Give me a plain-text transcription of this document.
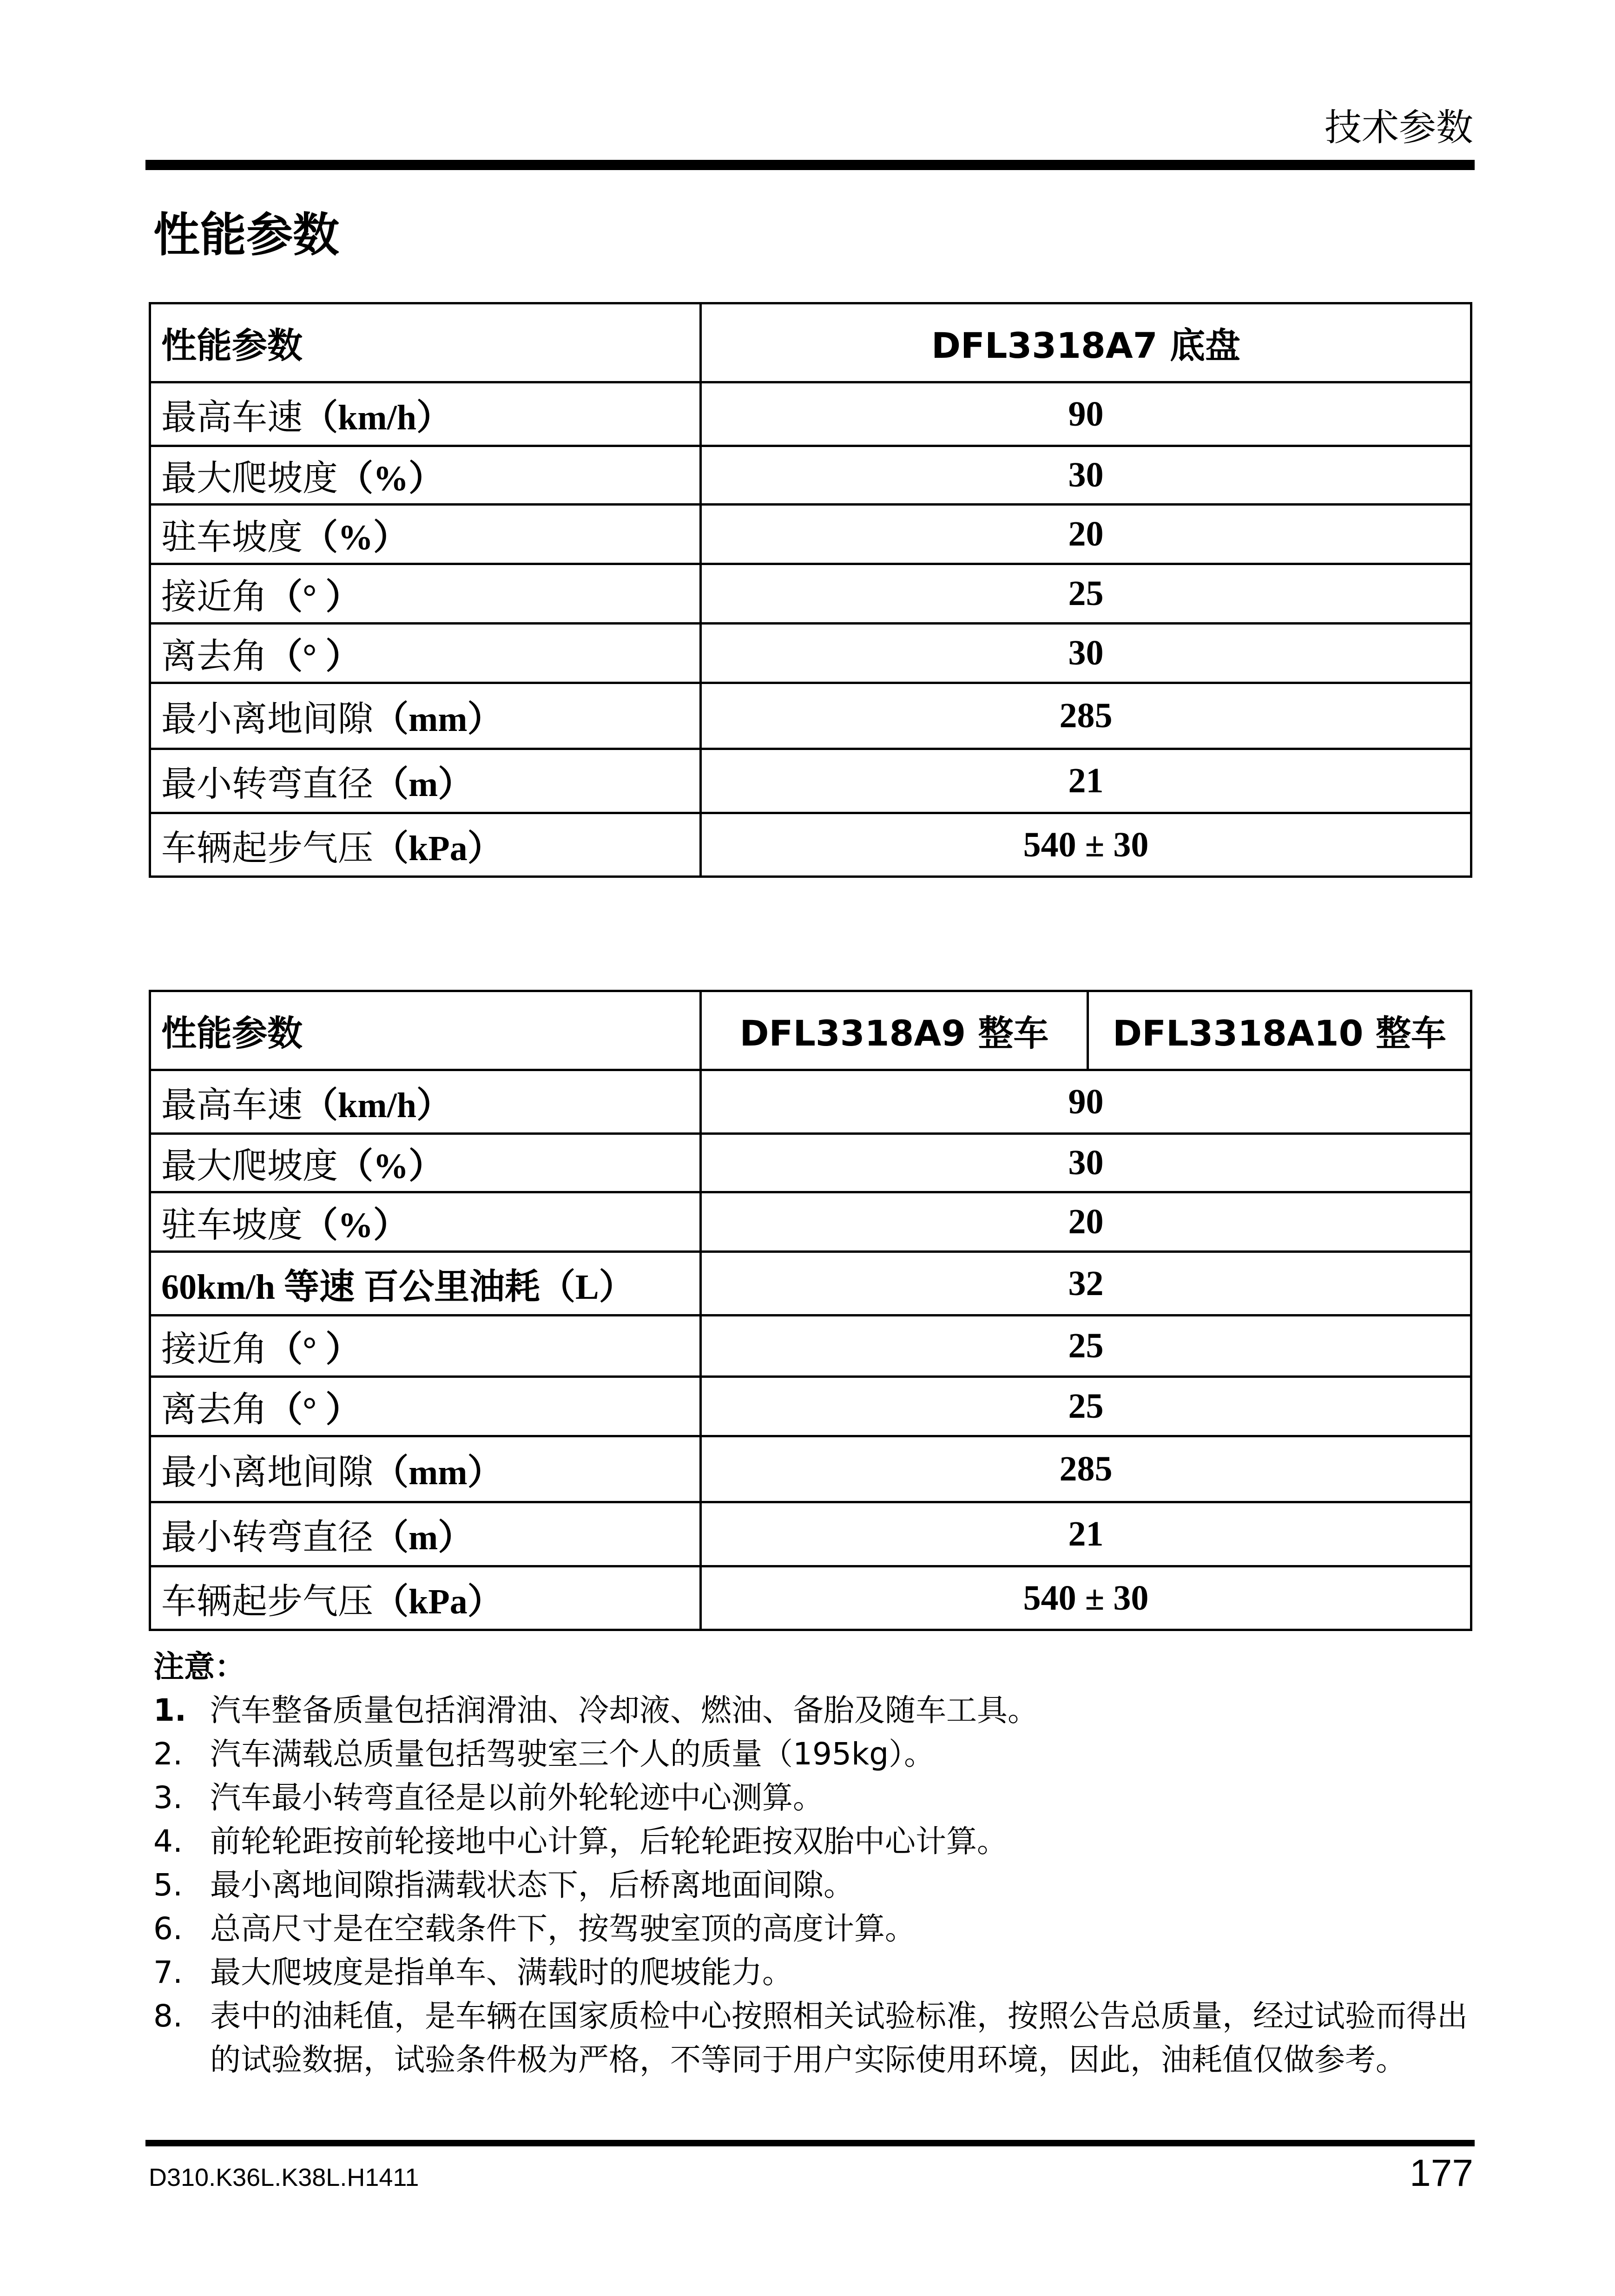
技术参数
性能参数
性能参数	DFL3318A7 底盘
最高车速（km/h）	90
最大爬坡度（%）	30
驻车坡度（%）	20
接近角（° ）	25
离去角（° ）	30
最小离地间隙（mm）	285
最小转弯直径（m）	21
车辆起步气压（kPa）	540 ± 30
性能参数	DFL3318A9 整车	DFL3318A10 整车
最高车速（km/h）	90	
最大爬坡度（%）	30	
驻车坡度（%）	20	
60km/h 等速 百公里油耗（L）	32	
接近角（° ）	25	
离去角（° ）	25	
最小离地间隙（mm）	285	
最小转弯直径（m）	21	
车辆起步气压（kPa）	540 ± 30	
注意：
1. 汽车整备质量包括润滑油、冷却液、燃油、备胎及随车工具。
2. 汽车满载总质量包括驾驶室三个人的质量（195kg）。
3. 汽车最小转弯直径是以前外轮轮迹中心测算。
4. 前轮轮距按前轮接地中心计算，后轮轮距按双胎中心计算。
5. 最小离地间隙指满载状态下，后桥离地面间隙。
6. 总高尺寸是在空载条件下，按驾驶室顶的高度计算。
7. 最大爬坡度是指单车、满载时的爬坡能力。
8. 表中的油耗值，是车辆在国家质检中心按照相关试验标准，按照公告总质量，经过试验而得出的试验数据，试验条件极为严格，不等同于用户实际使用环境，因此，油耗值仅做参考。
D310.K36L.K38L.H1411	177
